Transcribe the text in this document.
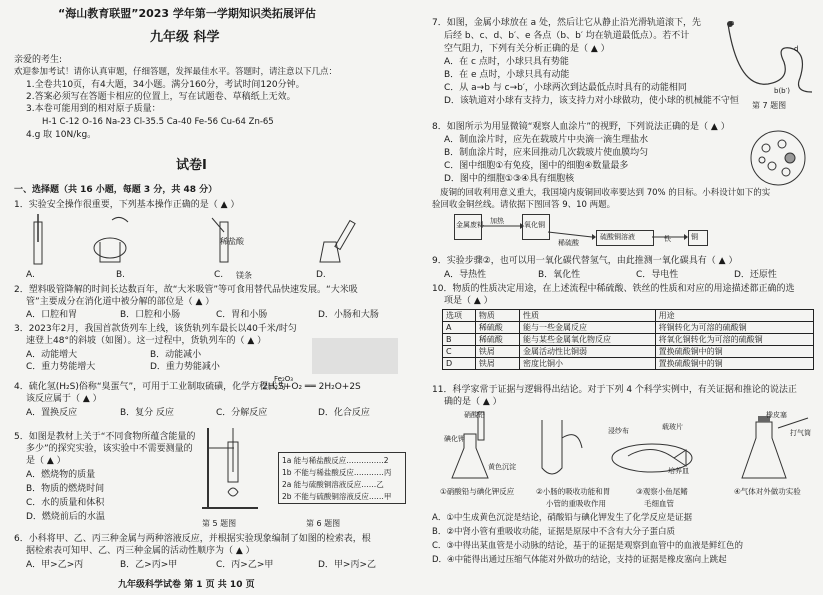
“海山教育联盟”2023 学年第一学期知识类拓展评估
九年级 科学
亲爱的考生:
欢迎参加考试！请你认真审题，仔细答题，发挥最佳水平。答题时，请注意以下几点：
1.全卷共10页，有4大题，34小题。满分160分，考试时间120分钟。
2.答案必须写在答题卡相应的位置上，写在试题卷、草稿纸上无效。
3.本卷可能用到的相对原子质量：
H-1 C-12 O-16 Na-23 Cl-35.5 Ca-40 Fe-56 Cu-64 Zn-65
4.g 取 10N/kg。
试卷Ⅰ
一、选择题（共 16 小题，每题 3 分，共 48 分）
1．实验安全操作很重要，下列基本操作正确的是（ ▲ ）
稀盐酸
镁条
A.	B.	C.	D.
2．塑料吸管降解的时间长达数百年，故“大米吸管”等可食用替代品快速发展。“大米吸
管”主要成分在消化道中被分解的部位是（ ▲ ）
A．口腔和胃	B．口腔和小肠	C．胃和小肠	D．小肠和大肠
3．2023年2月，我国首款货列车上线，该货轨列车最长以40千米/时匀
速登上48°的斜坡（如图）。这一过程中，货轨列车的（ ▲ ）
A．动能增大	B．动能减小
C．重力势能增大	D．重力势能减小
4．硫化氢(H₂S)俗称“臭蛋气”，可用于工业制取硫磺，化学方程式为
Fe₂O₃
2H₂S+O₂ ══ 2H₂O+2S
该反应属于（ ▲ ）
A．置换反应	B．复分 反应	C．分解反应	D．化合反应
5．如图是教材上关于“不同食物所蕴含能量的
多少”的探究实验，该实验中不需要测量的
是（ ▲ ）
A．燃烧物的质量
B．物质的燃烧时间
C．水的质量和体积
D．燃烧前后的水温
第 5 题图
1a 能与稀盐酸反应……………2
1b 不能与稀盐酸反应…………丙
2a 能与硫酸铜溶液反应……乙
2b 不能与硫酸铜溶液反应……甲
第 6 题图
6．小科将甲、乙、丙三种金属与两种溶液反应，并根据实验现象编制了如图的检索表，根
据检索表可知甲、乙、丙三种金属的活动性顺序为（ ▲ ）
A．甲>乙>丙	B．乙>丙>甲	C．丙>乙>甲	D．甲>丙>乙
九年级科学试卷 第 1 页 共 10 页
7．如图，金属小球放在 a 处，然后让它从静止沿光滑轨道滚下，先
后经 b、c、d、b′、e 各点（b、b′ 均在轨道最低点）。若不计
空气阻力，下列有关分析正确的是（ ▲ ）
A．在 c 点时，小球只具有势能
B．在 e 点时，小球只具有动能
C．从 a→b 与 c→b′，小球两次到达最低点时具有的动能相同
D．该轨道对小球有支持力，该支持力对小球做功，使小球的机械能不守恒
a
d
b(b′)
第 7 题图
8．如图所示为用显微镜“观察人血涂片”的视野，下列说法正确的是（ ▲ ）
A．制血涂片时，应先在载玻片中央滴一滴生理盐水
B．制血涂片时，应来回推动几次载玻片使血膜均匀
C．图中细胞①有免疫，图中的细胞④数量最多
D．图中的细胞①③④具有细胞核
废铜的回收利用意义重大，我国境内废铜回收率要达到 70% 的目标。小科设计如下的实
验回收金铜丝线。请依据下图回答 9、10 两题。
金属废料 加热	氧化铜
稀硫酸
硫酸铜溶液	铁	铜
9．实验步骤②，也可以用一氧化碳代替氢气，由此推测一氧化碳具有（ ▲ ）
A．导热性	B．氧化性	C．导电性	D．还原性
10．物质的性质决定用途，在上述流程中稀硫酸、铁丝的性质和对应的用途描述都正确的选
项是（ ▲ ）
选项	物质	性质	用途
A	稀硫酸	能与一些金属反应	将铜转化为可溶的硫酸铜
B	稀硫酸	能与某些金属氧化物反应	将氧化铜转化为可溶的硫酸铜
C	铁屑	金属活动性比铜弱	置换硫酸铜中的铜
D	铁屑	密度比铜小	置换硫酸铜中的铜
11．科学家常于证据与逻辑得出结论。对于下列 4 个科学实例中，有关证据和推论的说法正
确的是（ ▲ ）
硝酸铅
碘化钾
黄色沉淀
浸纱布	载玻片
培养皿
橡皮塞
打气筒
①硝酸铅与碘化钾反应	②小肠的吸收功能和胃
小管的重吸收作用
③观察小鱼尾鳍
毛细血管
④气体对外做功实验
A．①中生成黄色沉淀是结论，硝酸铅与碘化钾发生了化学反应是证据
B．②中肾小管有重吸收功能，证据是原尿中不含有大分子蛋白质
C．③中得出某血管是小动脉的结论，基于的证据是观察到血管中的血液是鲜红色的
D．④中能得出通过压缩气体能对外做功的结论，支持的证据是橡皮塞向上跳起
